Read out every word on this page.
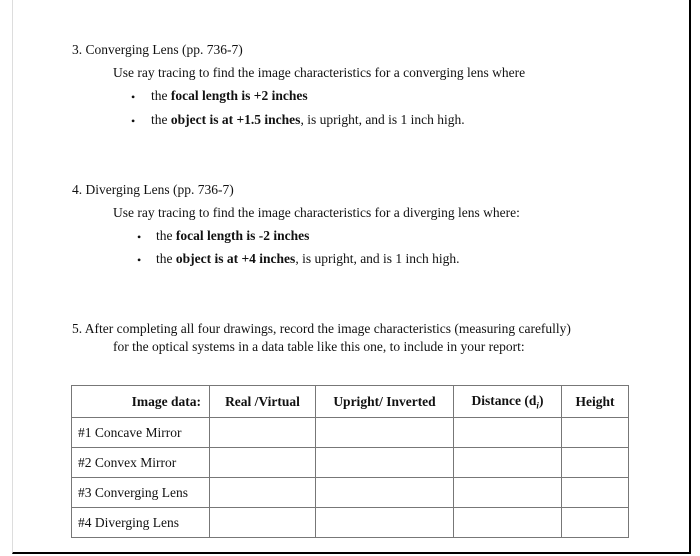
3. Converging Lens (pp. 736-7)
Use ray tracing to find the image characteristics for a converging lens where
• the focal length is +2 inches
• the object is at +1.5 inches, is upright, and is 1 inch high.
4. Diverging Lens (pp. 736-7)
Use ray tracing to find the image characteristics for a diverging lens where:
• the focal length is -2 inches
• the object is at +4 inches, is upright, and is 1 inch high.
5. After completing all four drawings, record the image characteristics (measuring carefully)
for the optical systems in a data table like this one, to include in your report:
Image data:	Real /Virtual	Upright/ Inverted	Distance $(d_i)$	Height
#1 Concave Mirror				
#2 Convex Mirror				
#3 Converging Lens				
#4 Diverging Lens				
